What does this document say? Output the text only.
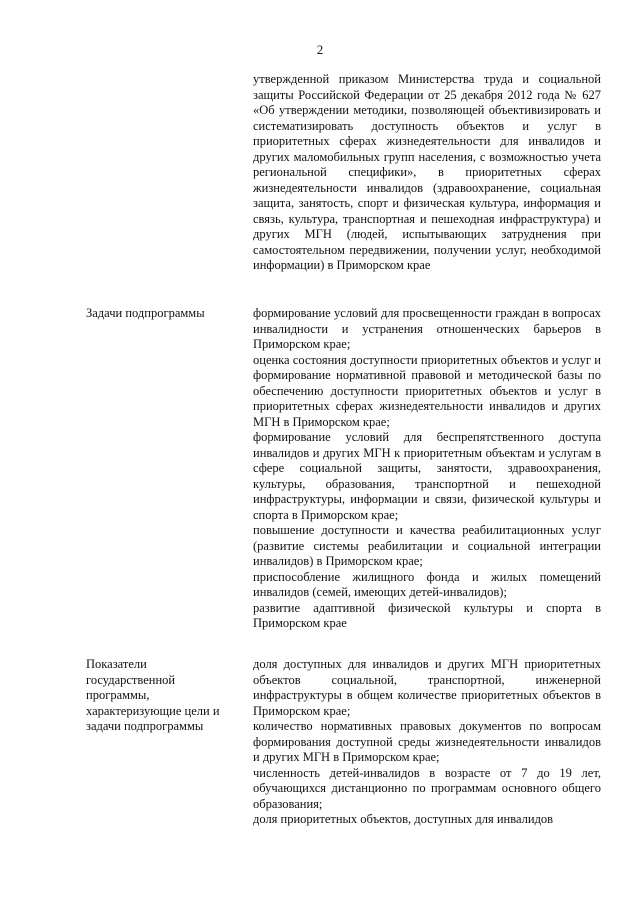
2

утвержденной приказом Министерства труда и социальной защиты Российской Федерации от 25 декабря 2012 года № 627 «Об утверждении методики, позволяющей объективизировать и систематизировать доступность объектов и услуг в приоритетных сферах жизнедеятельности для инвалидов и других маломобильных групп населения, с возможностью учета региональной специфики», в приоритетных сферах жизнедеятельности инвалидов (здравоохранение, социальная защита, занятость, спорт и физическая культура, информация и связь, культура, транспортная и пешеходная инфраструктура) и других МГН (людей, испытывающих затруднения при самостоятельном передвижении, получении услуг, необходимой информации) в Приморском крае

Задачи подпрограммы	формирование условий для просвещенности граждан в вопросах инвалидности и устранения отношенческих барьеров в Приморском крае;

оценка состояния доступности приоритетных объектов и услуг и формирование нормативной правовой и методической базы по обеспечению доступности приоритетных объектов и услуг в приоритетных сферах жизнедеятельности инвалидов и других МГН в Приморском крае;

формирование условий для беспрепятственного доступа инвалидов и других МГН к приоритетным объектам и услугам в сфере социальной защиты, занятости, здравоохранения, культуры, образования, транспортной и пешеходной инфраструктуры, информации и связи, физической культуры и спорта в Приморском крае;

повышение доступности и качества реабилитационных услуг (развитие системы реабилитации и социальной интеграции инвалидов) в Приморском крае;

приспособление жилищного фонда и жилых помещений инвалидов (семей, имеющих детей-инвалидов);

развитие адаптивной физической культуры и спорта в Приморском крае

Показатели государственной программы, характеризующие цели и задачи подпрограммы

доля доступных для инвалидов и других МГН приоритетных объектов социальной, транспортной, инженерной инфраструктуры в общем количестве приоритетных объектов в Приморском крае;

количество нормативных правовых документов по вопросам формирования доступной среды жизнедеятельности инвалидов и других МГН в Приморском крае;

численность детей-инвалидов в возрасте от 7 до 19 лет, обучающихся дистанционно по программам основного общего образования;

доля приоритетных объектов, доступных для инвалидов
